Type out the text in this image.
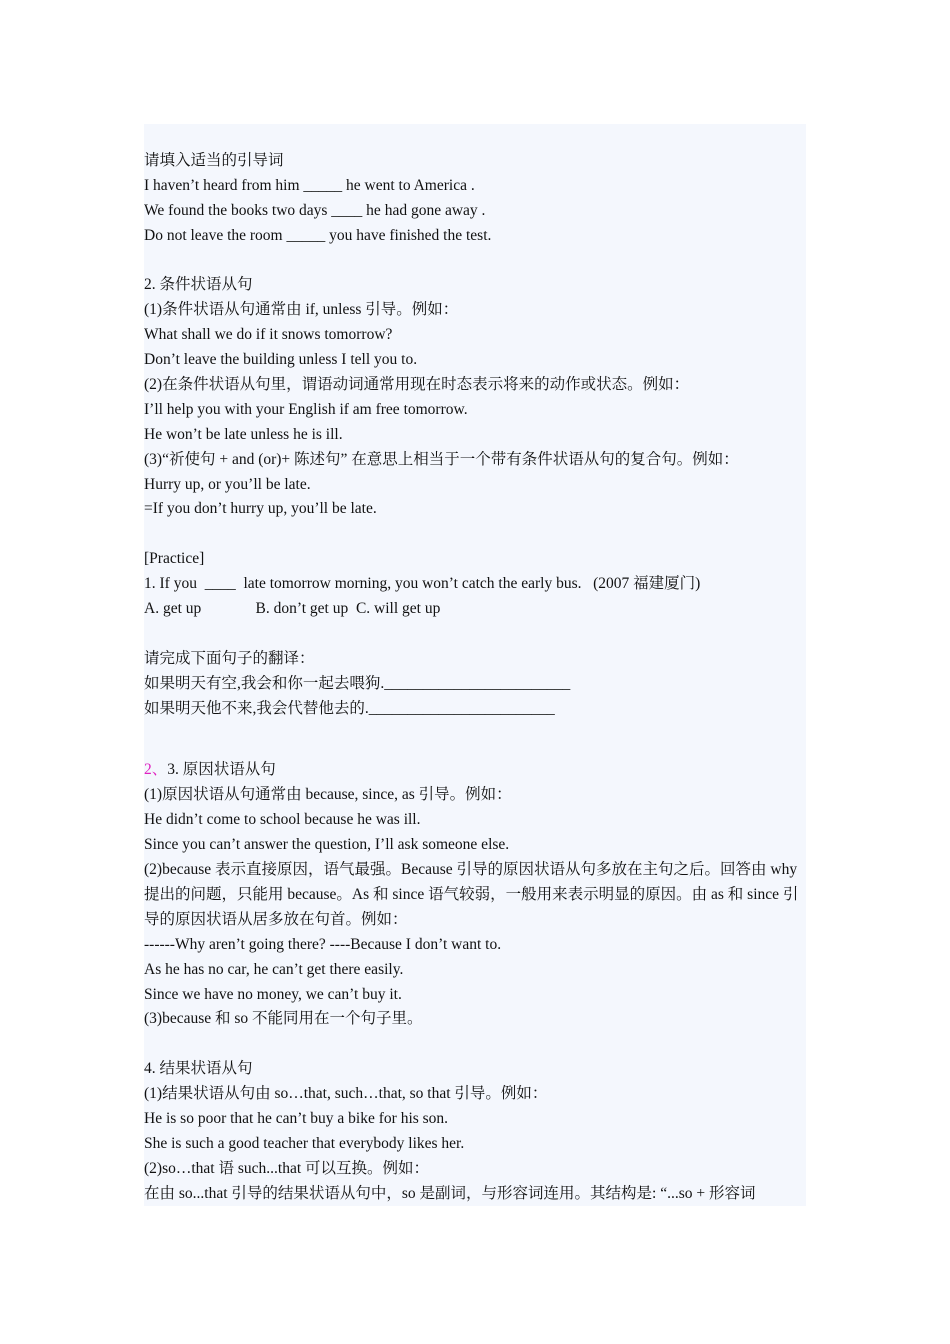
请填入适当的引导词
I haven’t heard from him _____ he went to America .
We found the books two days ____ he had gone away .
Do not leave the room _____ you have finished the test.
2. 条件状语从句
(1)条件状语从句通常由 if, unless 引导。例如：
What shall we do if it snows tomorrow?
Don’t leave the building unless I tell you to.
(2)在条件状语从句里，谓语动词通常用现在时态表示将来的动作或状态。例如：
I’ll help you with your English if am free tomorrow.
He won’t be late unless he is ill.
(3)“祈使句 + and (or)+ 陈述句” 在意思上相当于一个带有条件状语从句的复合句。例如：
Hurry up, or you’ll be late.
=If you don’t hurry up, you’ll be late.
[Practice]
1. If you  ____  late tomorrow morning, you won’t catch the early bus.   (2007 福建厦门)
A. get up              B. don’t get up  C. will get up
请完成下面句子的翻译：
如果明天有空,我会和你一起去喂狗.________________________
如果明天他不来,我会代替他去的.________________________
2、3. 原因状语从句
(1)原因状语从句通常由 because, since, as 引导。例如：
He didn’t come to school because he was ill.
Since you can’t answer the question, I’ll ask someone else.
(2)because 表示直接原因，语气最强。Because 引导的原因状语从句多放在主句之后。回答由 why 提出的问题，只能用 because。As 和 since 语气较弱，一般用来表示明显的原因。由 as 和 since 引导的原因状语从居多放在句首。例如：
------Why aren’t going there? ----Because I don’t want to.
As he has no car, he can’t get there easily.
Since we have no money, we can’t buy it.
(3)because 和 so 不能同用在一个句子里。
4. 结果状语从句
(1)结果状语从句由 so…that, such…that, so that 引导。例如：
He is so poor that he can’t buy a bike for his son.
She is such a good teacher that everybody likes her.
(2)so…that 语 such...that 可以互换。例如：
在由 so...that 引导的结果状语从句中，so 是副词，与形容词连用。其结构是: “...so + 形容词
